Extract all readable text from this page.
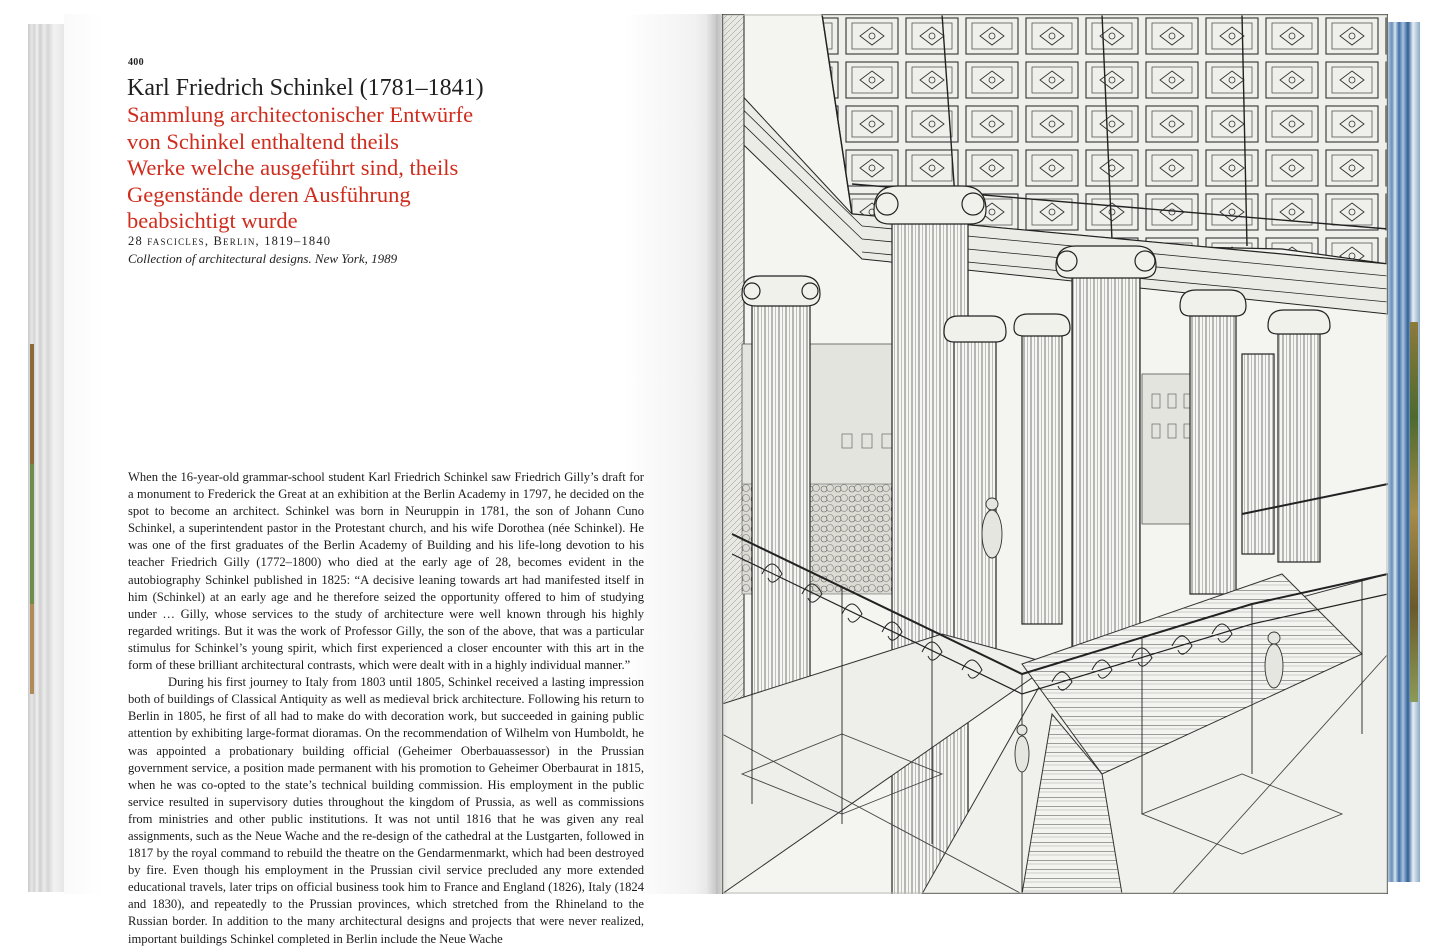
400
Karl Friedrich Schinkel (1781–1841)
Sammlung architectonischer Entwürfe
von Schinkel enthaltend theils
Werke welche ausgeführt sind, theils
Gegenstände deren Ausführung
beabsichtigt wurde
28 fascicles, Berlin, 1819–1840
Collection of architectural designs. New York, 1989

When the 16-year-old grammar-school student Karl Friedrich Schinkel saw Friedrich Gilly’s draft for a monument to Frederick the Great at an exhibition at the Berlin Academy in 1797, he decided on the spot to become an architect. Schinkel was born in Neuruppin in 1781, the son of Johann Cuno Schinkel, a superintendent pastor in the Protestant church, and his wife Dorothea (née Schinkel). He was one of the first graduates of the Berlin Academy of Building and his life-long devotion to his teacher Friedrich Gilly (1772–1800) who died at the early age of 28, becomes evident in the autobiography Schinkel published in 1825: “A decisive leaning towards art had manifested itself in him (Schinkel) at an early age and he therefore seized the opportunity offered to him of studying under … Gilly, whose services to the study of architecture were well known through his highly regarded writings. But it was the work of Professor Gilly, the son of the above, that was a particular stimulus for Schinkel’s young spirit, which first experienced a closer encounter with this art in the form of these brilliant architectural contrasts, which were dealt with in a highly individual manner.”

During his first journey to Italy from 1803 until 1805, Schinkel received a lasting impression both of buildings of Classical Antiquity as well as medieval brick architecture. Following his return to Berlin in 1805, he first of all had to make do with decoration work, but succeeded in gaining public attention by exhibiting large-format dioramas. On the recommendation of Wilhelm von Humboldt, he was appointed a probationary building official (Geheimer Oberbauassessor) in the Prussian government service, a position made permanent with his promotion to Geheimer Oberbaurat in 1815, when he was co-opted to the state’s technical building commission. His employment in the public service resulted in supervisory duties throughout the kingdom of Prussia, as well as commissions from ministries and other public institutions. It was not until 1816 that he was given any real assignments, such as the Neue Wache and the re-design of the cathedral at the Lustgarten, followed in 1817 by the royal command to rebuild the theatre on the Gendarmenmarkt, which had been destroyed by fire. Even though his employment in the Prussian civil service precluded any more extended educational travels, later trips on official business took him to France and England (1826), Italy (1824 and 1830), and repeatedly to the Prussian provinces, which stretched from the Rhineland to the Russian border. In addition to the many architectural designs and projects that were never realized, important buildings Schinkel completed in Berlin include the Neue Wache
